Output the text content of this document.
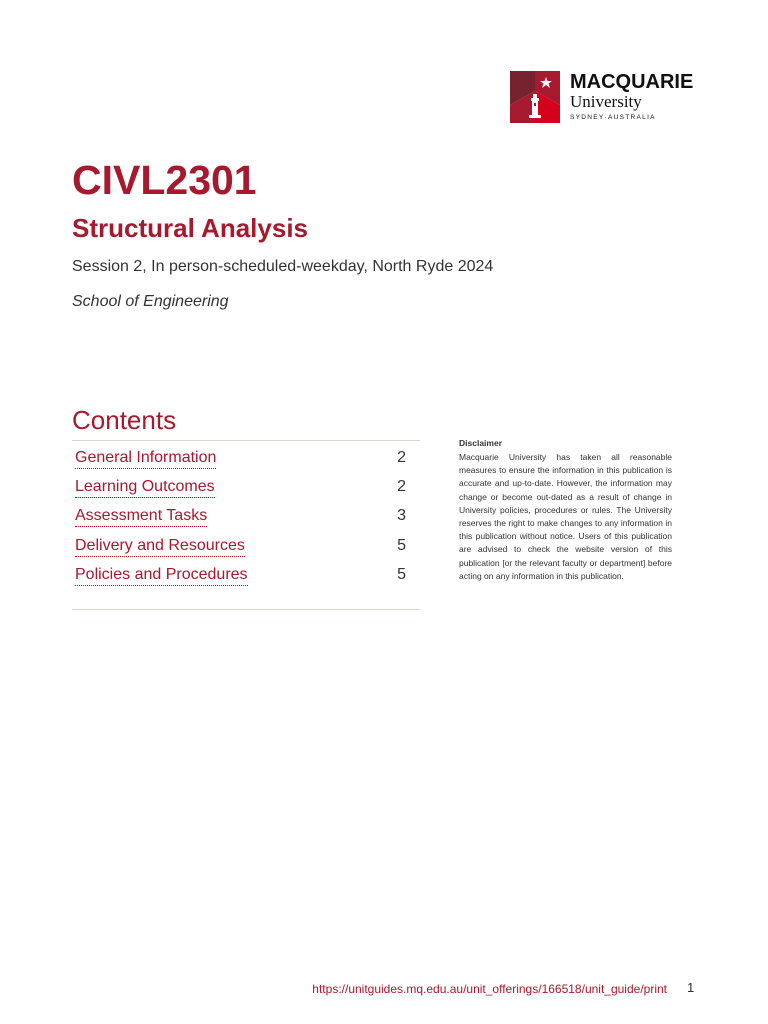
MACQUARIE
University
SYDNEY·AUSTRALIA
CIVL2301
Structural Analysis
Session 2, In person-scheduled-weekday, North Ryde 2024
School of Engineering
Contents
General Information	2
Learning Outcomes	2
Assessment Tasks	3
Delivery and Resources	5
Policies and Procedures	5
Disclaimer
Macquarie University has taken all reasonable measures to ensure the information in this publication is accurate and up-to-date. However, the information may change or become out-dated as a result of change in University policies, procedures or rules. The University reserves the right to make changes to any information in this publication without notice. Users of this publication are advised to check the website version of this publication [or the relevant faculty or department] before acting on any information in this publication.
https://unitguides.mq.edu.au/unit_offerings/166518/unit_guide/print 1
